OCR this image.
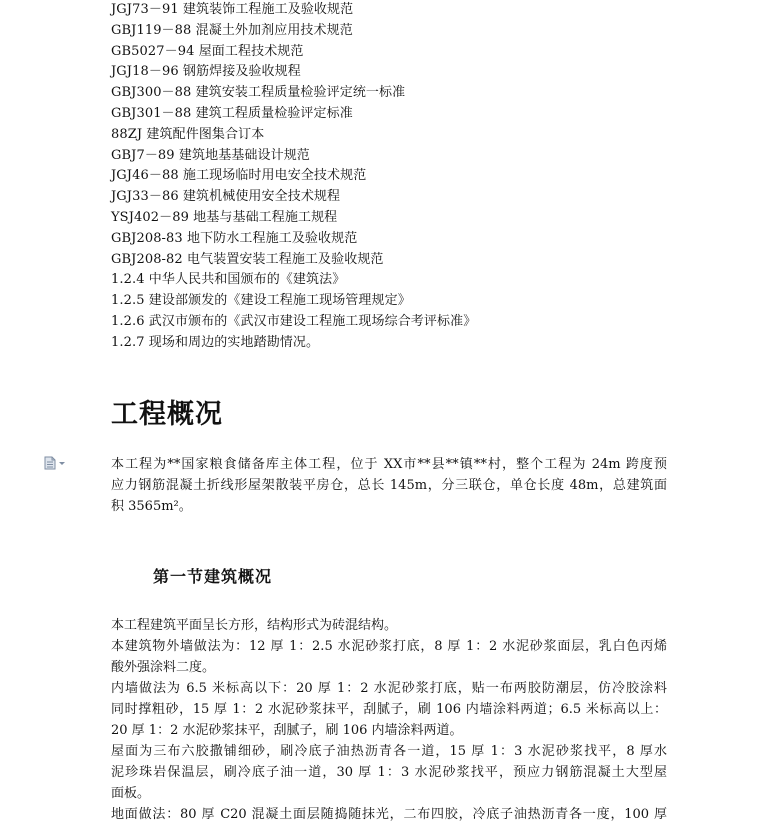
JGJ73－91 建筑装饰工程施工及验收规范
GBJ119－88 混凝土外加剂应用技术规范
GB5027－94 屋面工程技术规范
JGJ18－96 钢筋焊接及验收规程
GBJ300－88 建筑安装工程质量检验评定统一标准
GBJ301－88 建筑工程质量检验评定标准
88ZJ 建筑配件图集合订本
GBJ7－89 建筑地基基础设计规范
JGJ46－88 施工现场临时用电安全技术规范
JGJ33－86 建筑机械使用安全技术规程
YSJ402－89 地基与基础工程施工规程
GBJ208-83 地下防水工程施工及验收规范
GBJ208-82 电气装置安装工程施工及验收规范
1.2.4 中华人民共和国颁布的《建筑法》
1.2.5 建设部颁发的《建设工程施工现场管理规定》
1.2.6 武汉市颁布的《武汉市建设工程施工现场综合考评标准》
1.2.7 现场和周边的实地踏勘情况。
工程概况
本工程为**国家粮食储备库主体工程，位于 XX市**县**镇**村，整个工程为 24m 跨度预
应力钢筋混凝土折线形屋架散装平房仓，总长 145m，分三联仓，单仓长度 48m，总建筑面
积 3565m²。
第一节建筑概况
本工程建筑平面呈长方形，结构形式为砖混结构。
本建筑物外墙做法为：12 厚 1：2.5 水泥砂浆打底，8 厚 1：2 水泥砂浆面层，乳白色丙烯
酸外强涂料二度。
内墙做法为 6.5 米标高以下：20 厚 1：2 水泥砂浆打底，贴一布两胶防潮层，仿冷胶涂料
同时撑粗砂，15 厚 1：2 水泥砂浆抹平，刮腻子，刷 106 内墙涂料两道；6.5 米标高以上：
20 厚 1：2 水泥砂浆抹平，刮腻子，刷 106 内墙涂料两道。
屋面为三布六胶撒铺细砂，刷冷底子油热沥青各一道，15 厚 1：3 水泥砂浆找平，8 厚水
泥珍珠岩保温层，刷冷底子油一道，30 厚 1：3 水泥砂浆找平，预应力钢筋混凝土大型屋
面板。
地面做法：80 厚 C20 混凝土面层随捣随抹光，二布四胶，冷底子油热沥青各一度，100 厚
